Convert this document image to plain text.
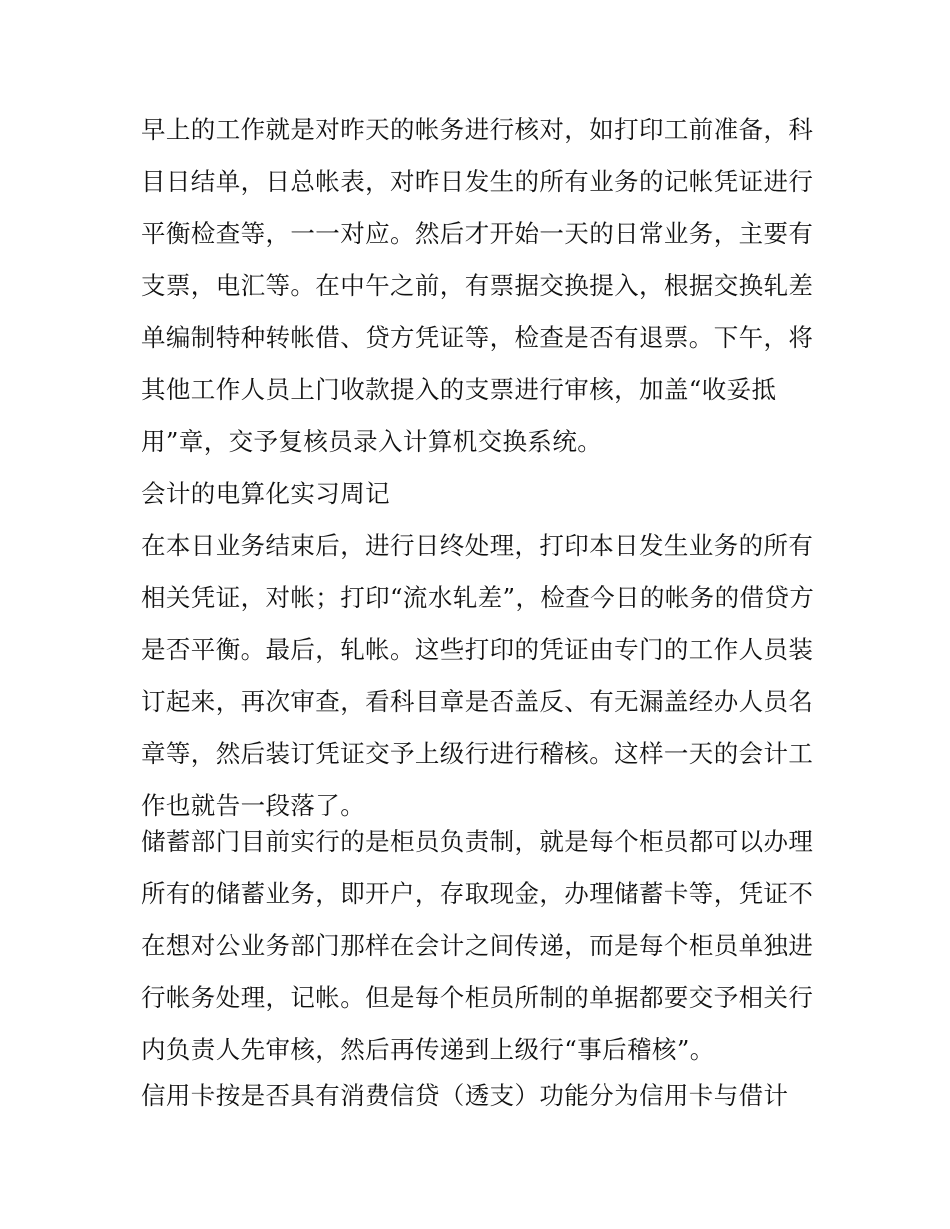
早上的工作就是对昨天的帐务进行核对，如打印工前准备，科
目日结单，日总帐表，对昨日发生的所有业务的记帐凭证进行
平衡检查等，一一对应。然后才开始一天的日常业务，主要有
支票，电汇等。在中午之前，有票据交换提入，根据交换轧差
单编制特种转帐借、贷方凭证等，检查是否有退票。下午，将
其他工作人员上门收款提入的支票进行审核，加盖“收妥抵
用”章，交予复核员录入计算机交换系统。
会计的电算化实习周记
在本日业务结束后，进行日终处理，打印本日发生业务的所有
相关凭证，对帐；打印“流水轧差”，检查今日的帐务的借贷方
是否平衡。最后，轧帐。这些打印的凭证由专门的工作人员装
订起来，再次审查，看科目章是否盖反、有无漏盖经办人员名
章等，然后装订凭证交予上级行进行稽核。这样一天的会计工
作也就告一段落了。
储蓄部门目前实行的是柜员负责制，就是每个柜员都可以办理
所有的储蓄业务，即开户，存取现金，办理储蓄卡等，凭证不
在想对公业务部门那样在会计之间传递，而是每个柜员单独进
行帐务处理，记帐。但是每个柜员所制的单据都要交予相关行
内负责人先审核，然后再传递到上级行“事后稽核”。
信用卡按是否具有消费信贷（透支）功能分为信用卡与借计
